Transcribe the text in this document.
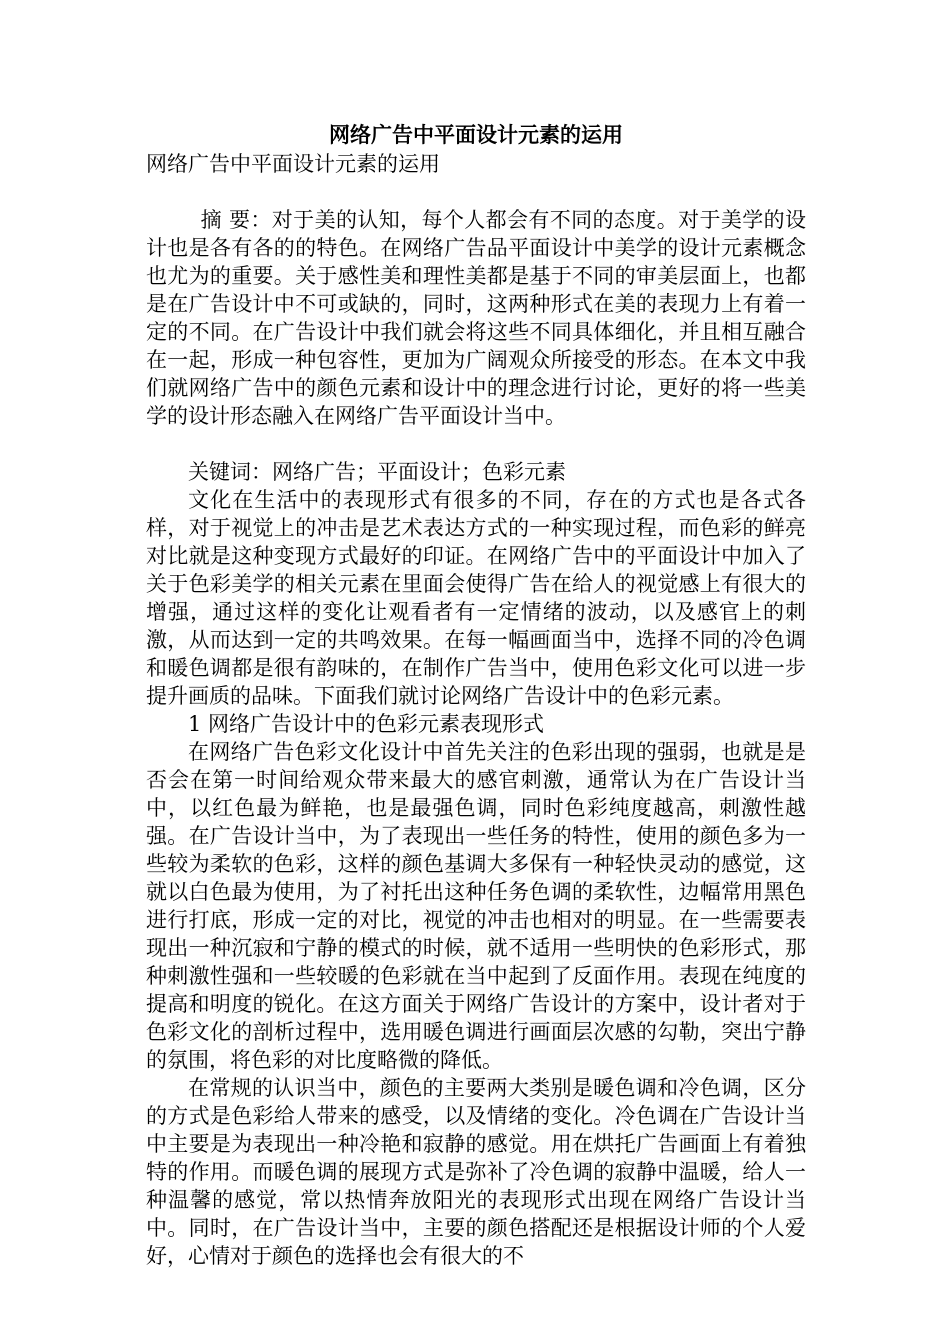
网络广告中平面设计元素的运用
网络广告中平面设计元素的运用

摘 要：对于美的认知，每个人都会有不同的态度。对于美学的设计也是各有各的的特色。在网络广告品平面设计中美学的设计元素概念也尤为的重要。关于感性美和理性美都是基于不同的审美层面上，也都是在广告设计中不可或缺的，同时，这两种形式在美的表现力上有着一定的不同。在广告设计中我们就会将这些不同具体细化，并且相互融合在一起，形成一种包容性，更加为广阔观众所接受的形态。在本文中我们就网络广告中的颜色元素和设计中的理念进行讨论，更好的将一些美学的设计形态融入在网络广告平面设计当中。

关键词：网络广告；平面设计；色彩元素

文化在生活中的表现形式有很多的不同，存在的方式也是各式各样，对于视觉上的冲击是艺术表达方式的一种实现过程，而色彩的鲜亮对比就是这种变现方式最好的印证。在网络广告中的平面设计中加入了关于色彩美学的相关元素在里面会使得广告在给人的视觉感上有很大的增强，通过这样的变化让观看者有一定情绪的波动，以及感官上的刺激，从而达到一定的共鸣效果。在每一幅画面当中，选择不同的冷色调和暖色调都是很有韵味的，在制作广告当中，使用色彩文化可以进一步提升画质的品味。下面我们就讨论网络广告设计中的色彩元素。

1 网络广告设计中的色彩元素表现形式

在网络广告色彩文化设计中首先关注的色彩出现的强弱，也就是是否会在第一时间给观众带来最大的感官刺激，通常认为在广告设计当中，以红色最为鲜艳，也是最强色调，同时色彩纯度越高，刺激性越强。在广告设计当中，为了表现出一些任务的特性，使用的颜色多为一些较为柔软的色彩，这样的颜色基调大多保有一种轻快灵动的感觉，这就以白色最为使用，为了衬托出这种任务色调的柔软性，边幅常用黑色进行打底，形成一定的对比，视觉的冲击也相对的明显。在一些需要表现出一种沉寂和宁静的模式的时候，就不适用一些明快的色彩形式，那种刺激性强和一些较暖的色彩就在当中起到了反面作用。表现在纯度的提高和明度的锐化。在这方面关于网络广告设计的方案中，设计者对于色彩文化的剖析过程中，选用暖色调进行画面层次感的勾勒，突出宁静的氛围，将色彩的对比度略微的降低。

在常规的认识当中，颜色的主要两大类别是暖色调和冷色调，区分的方式是色彩给人带来的感受，以及情绪的变化。冷色调在广告设计当中主要是为表现出一种冷艳和寂静的感觉。用在烘托广告画面上有着独特的作用。而暖色调的展现方式是弥补了冷色调的寂静中温暖，给人一种温馨的感觉，常以热情奔放阳光的表现形式出现在网络广告设计当中。同时，在广告设计当中，主要的颜色搭配还是根据设计师的个人爱好，心情对于颜色的选择也会有很大的不
